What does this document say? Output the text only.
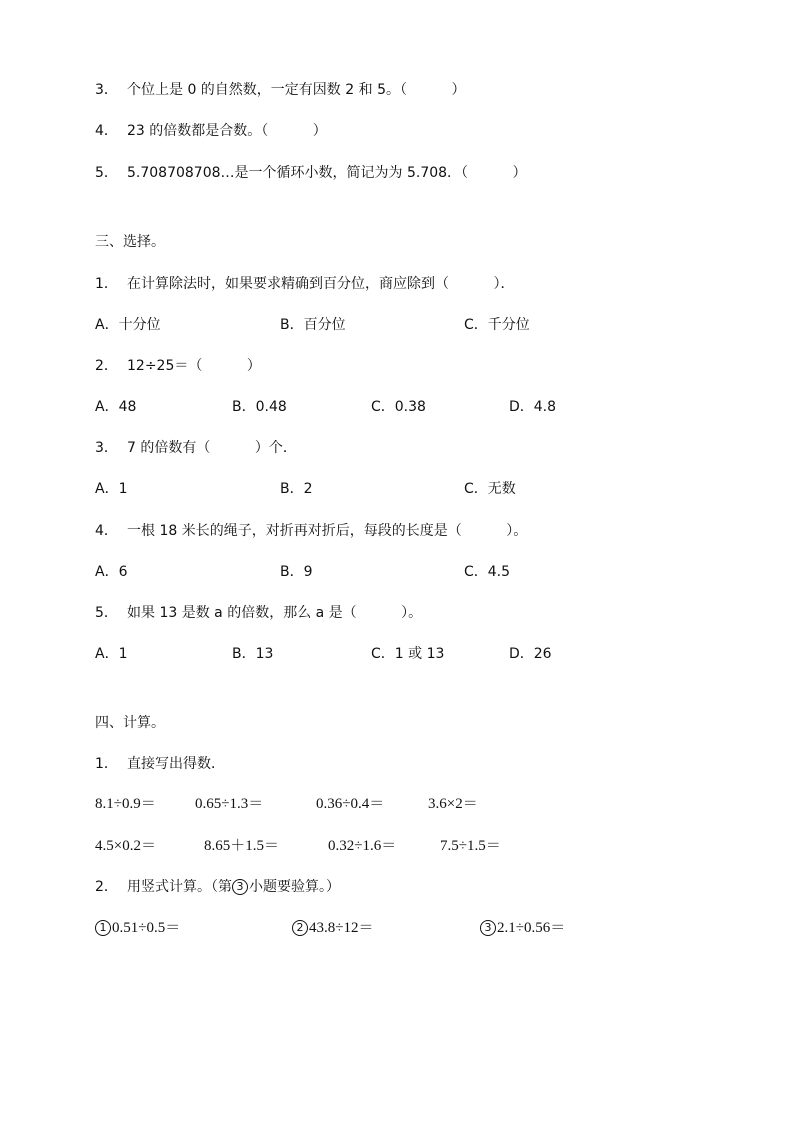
3． 个位上是 0 的自然数，一定有因数 2 和 5。（          ）
4． 23 的倍数都是合数。（          ）
5． 5.708708708…是一个循环小数，简记为为 5.708．（          ）
三、选择。
1． 在计算除法时，如果要求精确到百分位，商应除到（          ）．
A．十分位	B．百分位	C．千分位
2． 12÷25＝（          ）
A．48	B．0.48	C．0.38	D．4.8
3． 7 的倍数有（          ）个．
A．1	B．2	C．无数
4． 一根 18 米长的绳子，对折再对折后，每段的长度是（          ）。
A．6	B．9	C．4.5
5． 如果 13 是数 a 的倍数，那么 a 是（          ）。
A．1	B．13	C．1 或 13	D．26
四、计算。
1． 直接写出得数．
8.1÷0.9＝	0.65÷1.3＝	0.36÷0.4＝	3.6×2＝
4.5×0.2＝	8.65＋1.5＝	0.32÷1.6＝	7.5÷1.5＝
2． 用竖式计算。（第 3 小题要验算。）
1 0.51÷0.5＝	2 43.8÷12＝	3 2.1÷0.56＝
